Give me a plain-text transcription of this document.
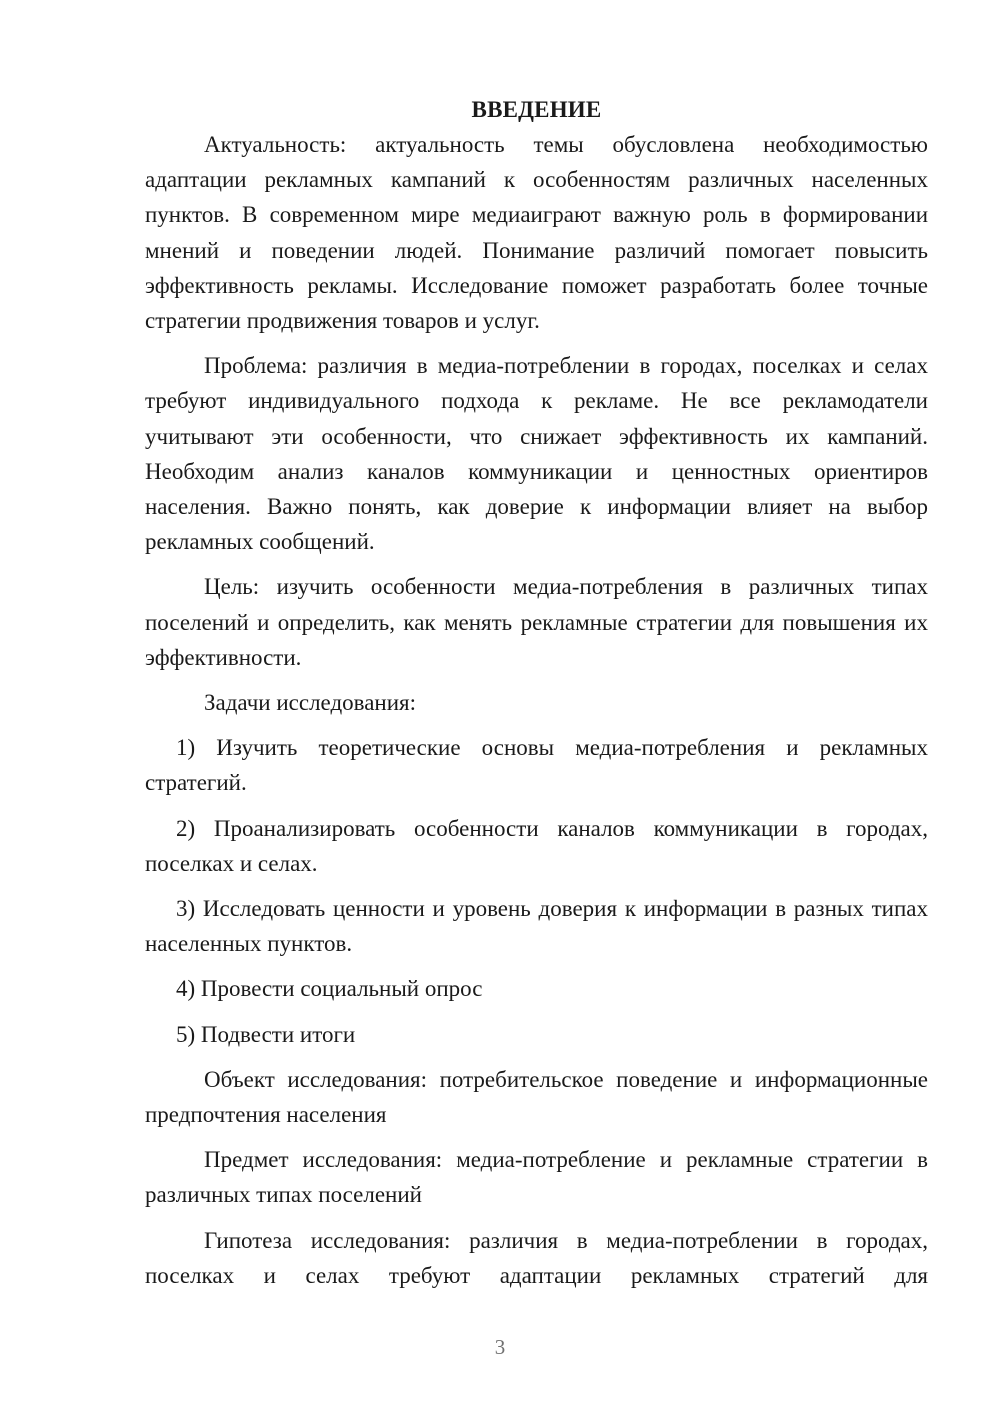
ВВЕДЕНИЕ

Актуальность: актуальность темы обусловлена необходимостью адаптации рекламных кампаний к особенностям различных населенных пунктов. В современном мире медиаиграют важную роль в формировании мнений и поведении людей. Понимание различий помогает повысить эффективность рекламы. Исследование поможет разработать более точные стратегии продвижения товаров и услуг.

Проблема: различия в медиа-потреблении в городах, поселках и селах требуют индивидуального подхода к рекламе. Не все рекламодатели учитывают эти особенности, что снижает эффективность их кампаний. Необходим анализ каналов коммуникации и ценностных ориентиров населения. Важно понять, как доверие к информации влияет на выбор рекламных сообщений.

Цель: изучить особенности медиа-потребления в различных типах поселений и определить, как менять рекламные стратегии для повышения их эффективности.

Задачи исследования:

1) Изучить теоретические основы медиа-потребления и рекламных стратегий.

2) Проанализировать особенности каналов коммуникации в городах, поселках и селах.

3) Исследовать ценности и уровень доверия к информации в разных типах населенных пунктов.

4) Провести социальный опрос

5) Подвести итоги

Объект исследования: потребительское поведение и информационные предпочтения населения

Предмет исследования: медиа-потребление и рекламные стратегии в различных типах поселений

Гипотеза исследования: различия в медиа-потреблении в городах, поселках и селах требуют адаптации рекламных стратегий для

3
